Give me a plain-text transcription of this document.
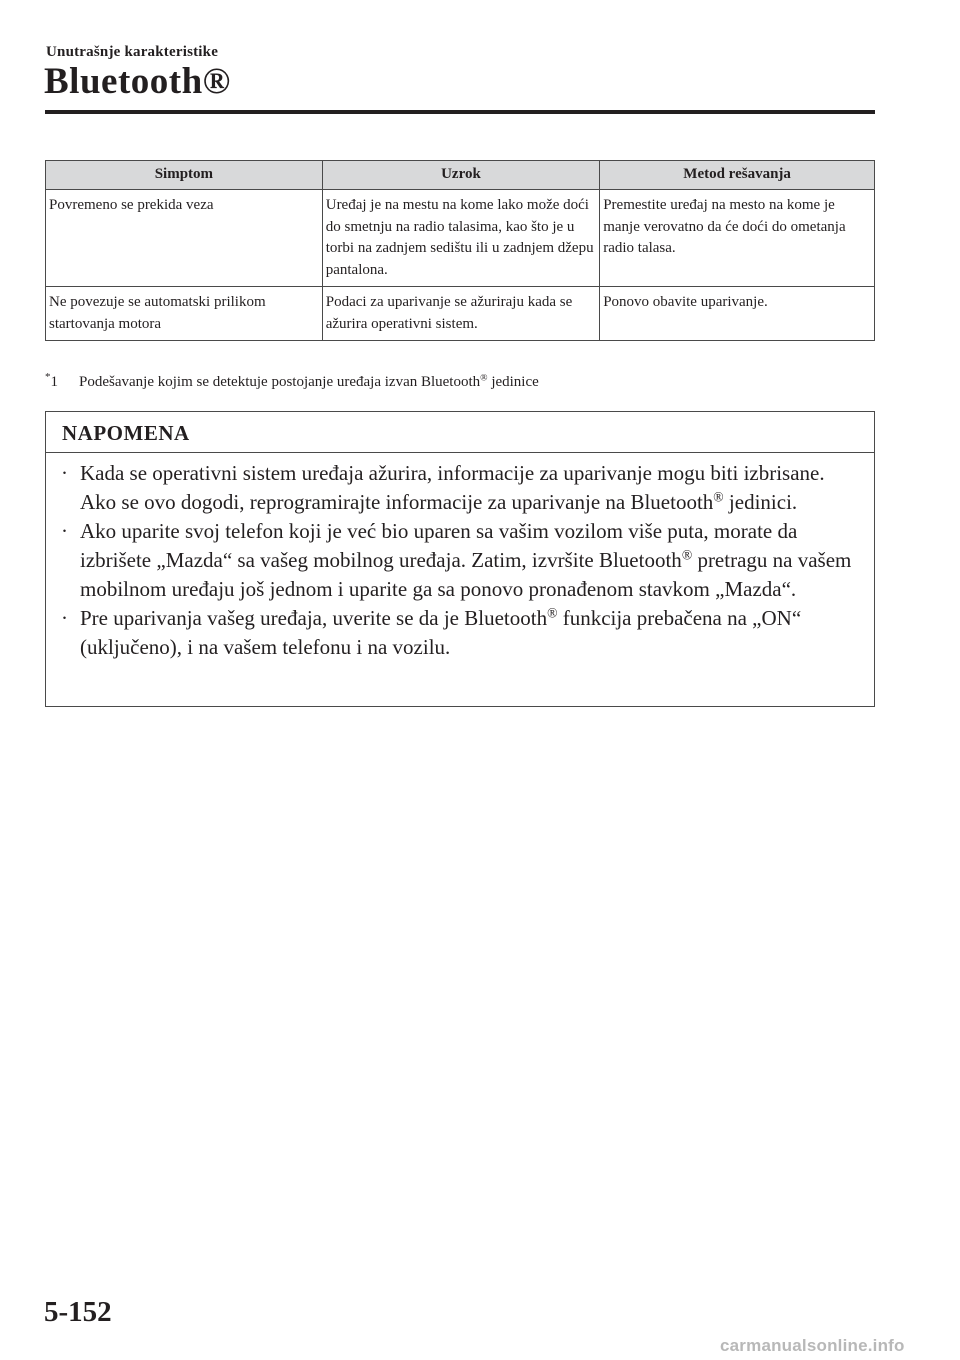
Unutrašnje karakteristike
Bluetooth®
Simptom	Uzrok	Metod rešavanja
Povremeno se prekida veza	Uređaj je na mestu na kome lako može doći do smetnju na radio talasima, kao što je u torbi na zadnjem sedištu ili u zadnjem džepu pantalona.	Premestite uređaj na mesto na kome je manje verovatno da će doći do ometanja radio talasa.
Ne povezuje se automatski prilikom startovanja motora	Podaci za uparivanje se ažuriraju kada se ažurira operativni sistem.	Ponovo obavite uparivanje.
*1 Podešavanje kojim se detektuje postojanje uređaja izvan Bluetooth® jedinice
NAPOMENA
· Kada se operativni sistem uređaja ažurira, informacije za uparivanje mogu biti izbrisane. Ako se ovo dogodi, reprogramirajte informacije za uparivanje na Bluetooth® jedinici.
· Ako uparite svoj telefon koji je već bio uparen sa vašim vozilom više puta, morate da izbrišete „Mazda“ sa vašeg mobilnog uređaja. Zatim, izvršite Bluetooth® pretragu na vašem mobilnom uređaju još jednom i uparite ga sa ponovo pronađenom stavkom „Mazda“.
· Pre uparivanja vašeg uređaja, uverite se da je Bluetooth® funkcija prebačena na „ON“ (uključeno), i na vašem telefonu i na vozilu.
5-152
carmanualsonline.info
